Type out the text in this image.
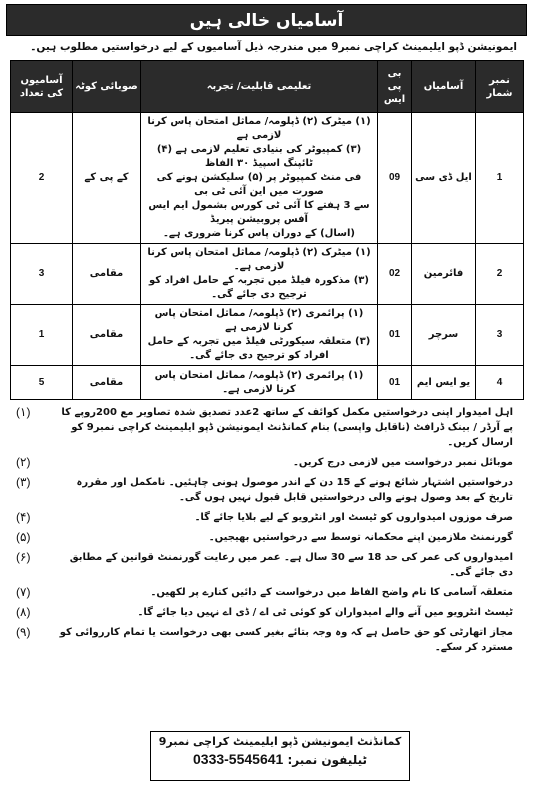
آسامیاں خالی ہیں
ایمونیشن ڈپو ایلیمینٹ کراچی نمبر9 میں مندرجہ ذیل آسامیوں کے لیے درخواستیں مطلوب ہیں۔
نمبر شمار	آسامیاں	بی پی ایس	تعلیمی قابلیت/ تجربہ	صوبائی کوٹہ	آسامیوں کی تعداد
1	ایل ڈی سی	09	(۱) میٹرک (۲) ڈپلومہ/ مماثل امتحان پاس کرنا لازمی ہے
(۳) کمپیوٹر کی بنیادی تعلیم لازمی ہے (۴) ٹائپنگ اسپیڈ ۳۰ الفاظ
فی منٹ کمپیوٹر پر (۵) سلیکشن ہونے کی صورت میں این آئی ٹی بی
سے 3 ہفتے کا آئی ٹی کورس بشمول ایم ایس آفس پروبیشن پیریڈ
(اسال) کے دوران پاس کرنا ضروری ہے۔	کے پی کے	2
2	فائرمین	02	(۱) میٹرک (۲) ڈپلومہ/ مماثل امتحان پاس کرنا لازمی ہے۔
(۳) مذکورہ فیلڈ میں تجربہ کے حامل افراد کو ترجیح دی جائے گی۔	مقامی	3
3	سرچر	01	(۱) پرائمری (۲) ڈپلومہ/ مماثل امتحان پاس کرنا لازمی ہے
(۳) متعلقہ سیکورٹی فیلڈ میں تجربہ کے حامل افراد کو ترجیح دی جائے گی۔	مقامی	1
4	یو ایس ایم	01	(۱) پرائمری (۲) ڈپلومہ/ مماثل امتحان پاس کرنا لازمی ہے۔	مقامی	5
اہل امیدوار اپنی درخواستیں مکمل کوائف کے ساتھ 2عدد تصدیق شدہ تصاویر مع 200روپے کا پے آرڈر / بینک ڈرافٹ (ناقابل واپسی) بنام کمانڈنٹ ایمونیشن ڈپو ایلیمینٹ کراچی نمبر9 کو ارسال کریں۔
(۱)
موبائل نمبر درخواست میں لازمی درج کریں۔
(۲)
درخواستیں اشتہار شائع ہونے کے 15 دن کے اندر موصول ہونی چاہئیں۔ نامکمل اور مقررہ تاریخ کے بعد وصول ہونے والی درخواستیں قابل قبول نہیں ہوں گی۔
(۳)
صرف موزوں امیدواروں کو ٹیسٹ اور انٹرویو کے لیے بلایا جائے گا۔
(۴)
گورنمنٹ ملازمین اپنے محکمانہ توسط سے درخواستیں بھیجیں۔
(۵)
امیدواروں کی عمر کی حد 18 سے 30 سال ہے۔ عمر میں رعایت گورنمنٹ قوانین کے مطابق دی جائے گی۔
(۶)
متعلقہ آسامی کا نام واضح الفاظ میں درخواست کے دائیں کنارے پر لکھیں۔
(۷)
ٹیسٹ انٹرویو میں آنے والے امیدواران کو کوئی ٹی اے / ڈی اے نہیں دیا جائے گا۔
(۸)
مجاز اتھارٹی کو حق حاصل ہے کہ وہ وجہ بتائے بغیر کسی بھی درخواست یا تمام کارروائی کو مسترد کر سکے۔
(۹)
کمانڈنٹ ایمونیشن ڈپو ایلیمینٹ کراچی نمبر9
ٹیلیفون نمبر: 0333-5545641
